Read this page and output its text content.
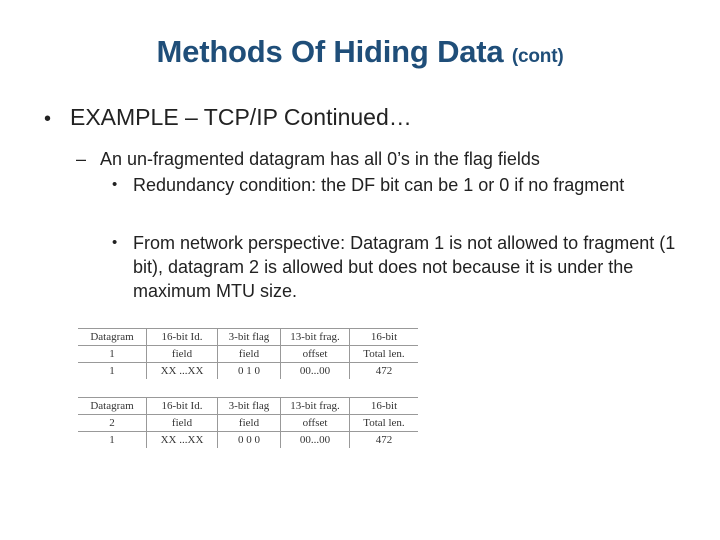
Methods Of Hiding Data (cont)
• EXAMPLE – TCP/IP Continued…
– An un-fragmented datagram has all 0’s in the flag fields
• Redundancy condition: the DF bit can be 1 or 0 if no fragment
• From network perspective: Datagram 1 is not allowed to fragment (1 bit), datagram 2 is allowed but does not because it is under the maximum MTU size.
Datagram	16-bit Id.	3-bit flag	13-bit frag.	16-bit
1	field	field	offset	Total len.
1	XX ...XX	0 1 0	00...00	472
Datagram	16-bit Id.	3-bit flag	13-bit frag.	16-bit
2	field	field	offset	Total len.
1	XX ...XX	0 0 0	00...00	472
